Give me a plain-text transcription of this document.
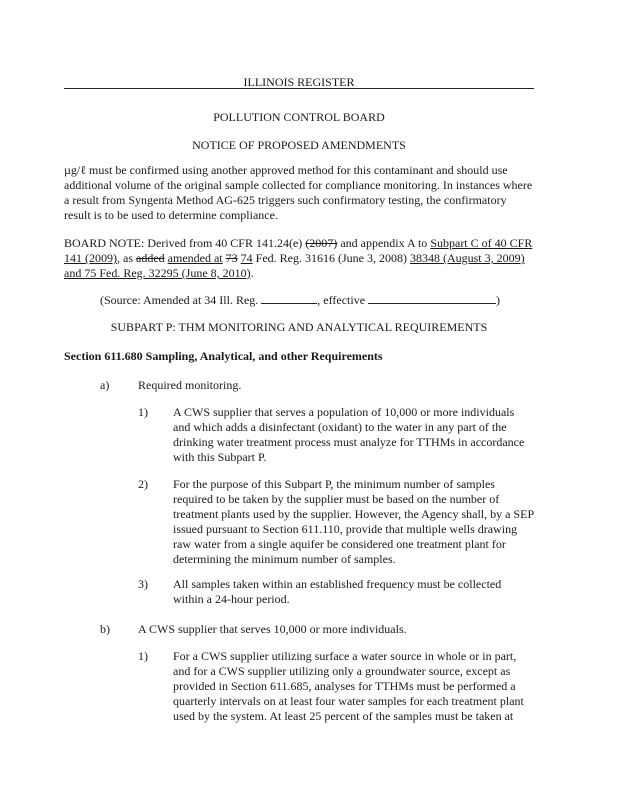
ILLINOIS REGISTER
POLLUTION CONTROL BOARD
NOTICE OF PROPOSED AMENDMENTS
µg/ℓ must be confirmed using another approved method for this contaminant and should use additional volume of the original sample collected for compliance monitoring. In instances where a result from Syngenta Method AG-625 triggers such confirmatory testing, the confirmatory result is to be used to determine compliance.
BOARD NOTE: Derived from 40 CFR 141.24(e) (2007) and appendix A to Subpart C of 40 CFR 141 (2009), as added amended at 73 74 Fed. Reg. 31616 (June 3, 2008) 38348 (August 3, 2009) and 75 Fed. Reg. 32295 (June 8, 2010).
(Source: Amended at 34 Ill. Reg.	, effective	)
SUBPART P: THM MONITORING AND ANALYTICAL REQUIREMENTS
Section 611.680 Sampling, Analytical, and other Requirements
a) Required monitoring.
1) A CWS supplier that serves a population of 10,000 or more individuals and which adds a disinfectant (oxidant) to the water in any part of the drinking water treatment process must analyze for TTHMs in accordance with this Subpart P.
2) For the purpose of this Subpart P, the minimum number of samples required to be taken by the supplier must be based on the number of treatment plants used by the supplier. However, the Agency shall, by a SEP issued pursuant to Section 611.110, provide that multiple wells drawing raw water from a single aquifer be considered one treatment plant for determining the minimum number of samples.
3) All samples taken within an established frequency must be collected within a 24-hour period.
b) A CWS supplier that serves 10,000 or more individuals.
1) For a CWS supplier utilizing surface a water source in whole or in part, and for a CWS supplier utilizing only a groundwater source, except as provided in Section 611.685, analyses for TTHMs must be performed a quarterly intervals on at least four water samples for each treatment plant used by the system. At least 25 percent of the samples must be taken at
